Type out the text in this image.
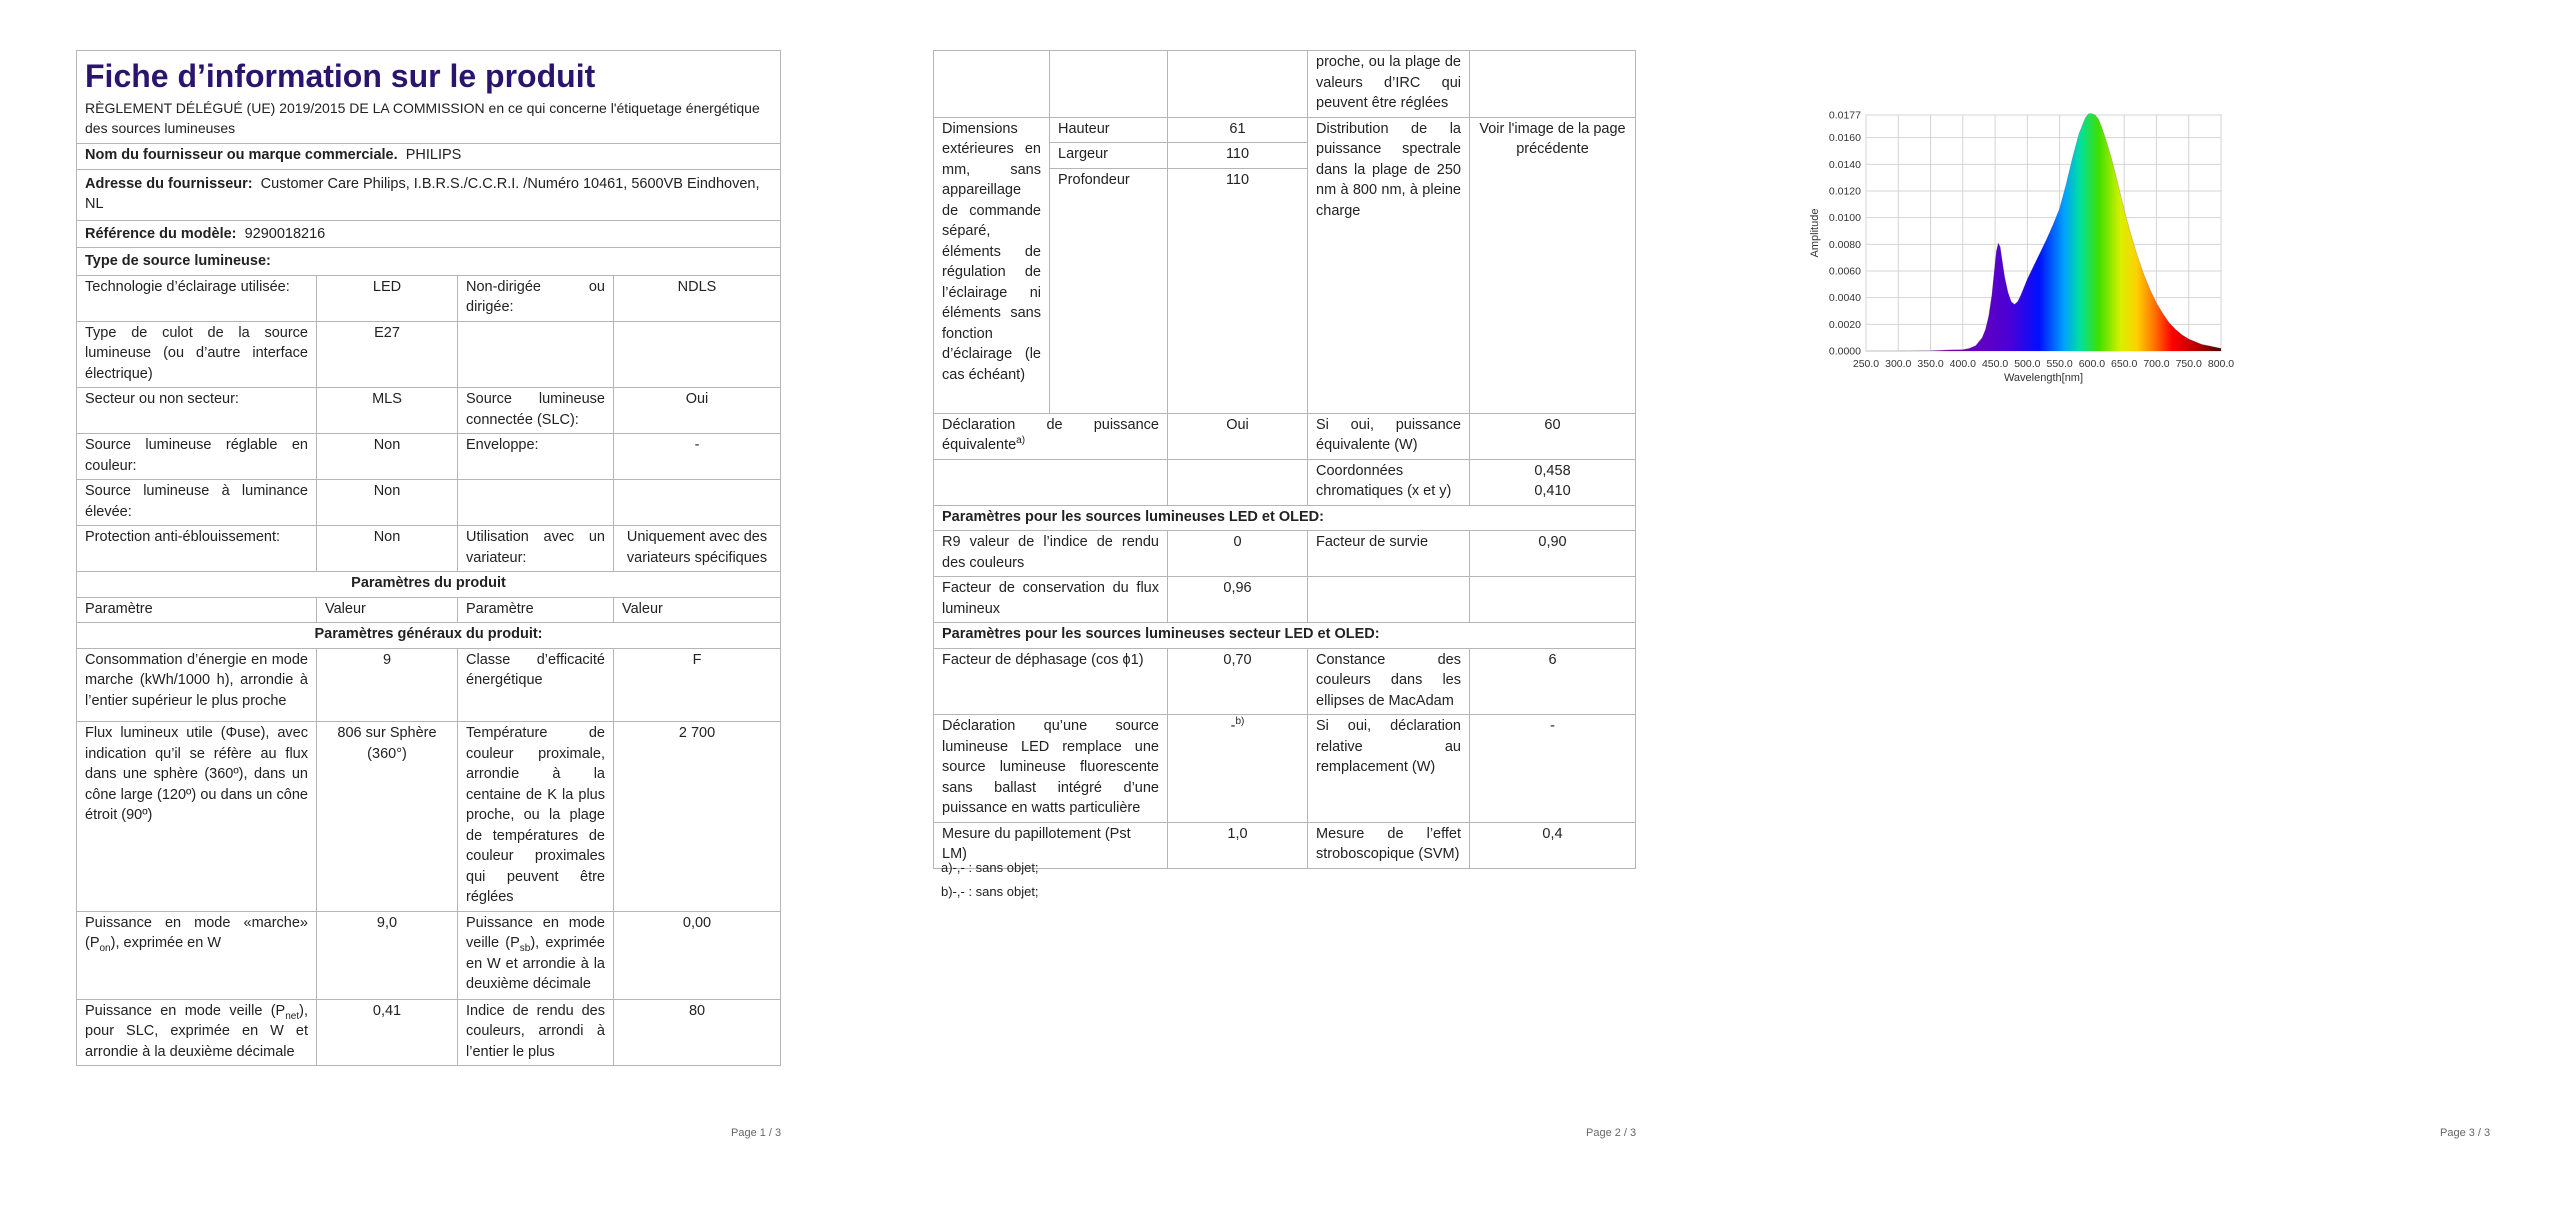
Fiche d’information sur le produit
RÈGLEMENT DÉLÉGUÉ (UE) 2019/2015 DE LA COMMISSION en ce qui concerne l'étiquetage énergétique des sources lumineuses			

Nom du fournisseur ou marque commerciale. PHILIPS			
Adresse du fournisseur: Customer Care Philips, I.B.R.S./C.C.R.I. /Numéro 10461, 5600VB Eindhoven, NL			
Référence du modèle: 9290018216			
Type de source lumineuse:			
Technologie d’éclairage utilisée:	LED	Non-dirigée ou dirigée:	NDLS
Type de culot de la source lumineuse (ou d’autre interface électrique)	E27		
Secteur ou non secteur:	MLS	Source lumineuse connectée (SLC):	Oui
Source lumineuse réglable en couleur:	Non	Enveloppe:	-
Source lumineuse à luminance élevée:	Non		
Protection anti-éblouissement:	Non	Utilisation avec un variateur:	Uniquement avec des variateurs spécifiques
Paramètres du produit			
Paramètre	Valeur	Paramètre	Valeur
Paramètres généraux du produit:			
Consommation d’énergie en mode marche (kWh/1000 h), arrondie à l’entier supérieur le plus proche	9	Classe d’efficacité énergétique	F
Flux lumineux utile (Φuse), avec indication qu’il se réfère au flux dans une sphère (360º), dans un cône large (120º) ou dans un cône étroit (90º)	806 sur Sphère (360°)	Température de couleur proximale, arrondie à la centaine de K la plus proche, ou la plage de températures de couleur proximales qui peuvent être réglées	2 700
Puissance en mode «marche» $(P_{on})$, exprimée en W	9,0	Puissance en mode veille $(P_{sb})$, exprimée en W et arrondie à la deuxième décimale	0,00
Puissance en mode veille $(P_{net})$, pour SLC, exprimée en W et arrondie à la deuxième décimale	0,41	Indice de rendu des couleurs, arrondi à l’entier le plus	80
Page 1 / 3
			proche, ou la plage de valeurs d’IRC qui peuvent être réglées	
Dimensions extérieures en mm, sans appareillage de commande séparé, éléments de régulation de l’éclairage ni éléments sans fonction d’éclairage (le cas échéant)	Hauteur	61	Distribution de la puissance spectrale dans la plage de 250 nm à 800 nm, à pleine charge	Voir l'image de la page précédente
	Largeur	110		
	Profondeur	110		
Déclaration de puissance équivalente$^{a)}$		Oui	Si oui, puissance équivalente (W)	60
			Coordonnées chromatiques (x et y)	0,458
0,410

Paramètres pour les sources lumineuses LED et OLED:				
R9 valeur de l’indice de rendu des couleurs		0	Facteur de survie	0,90
Facteur de conservation du flux lumineux		0,96		
Paramètres pour les sources lumineuses secteur LED et OLED:				
Facteur de déphasage (cos ϕ1)		0,70	Constance des couleurs dans les ellipses de MacAdam	6
Déclaration qu’une source lumineuse LED remplace une source lumineuse fluorescente sans ballast intégré d’une puissance en watts particulière		-$^{b)}$	Si oui, déclaration relative au remplacement (W)	-
Mesure du papillotement (Pst LM)		1,0	Mesure de l’effet stroboscopique (SVM)	0,4
a)-,- : sans objet;
b)-,- : sans objet;
Page 2 / 3
0.0000
0.0020
0.0040
0.0060
0.0080
0.0100
0.0120
0.0140
0.0160
0.0177
250.0 300.0 350.0 400.0 450.0 500.0 550.0 600.0 650.0 700.0 750.0 800.0
Wavelength[nm]
Amplitude
Page 3 / 3
